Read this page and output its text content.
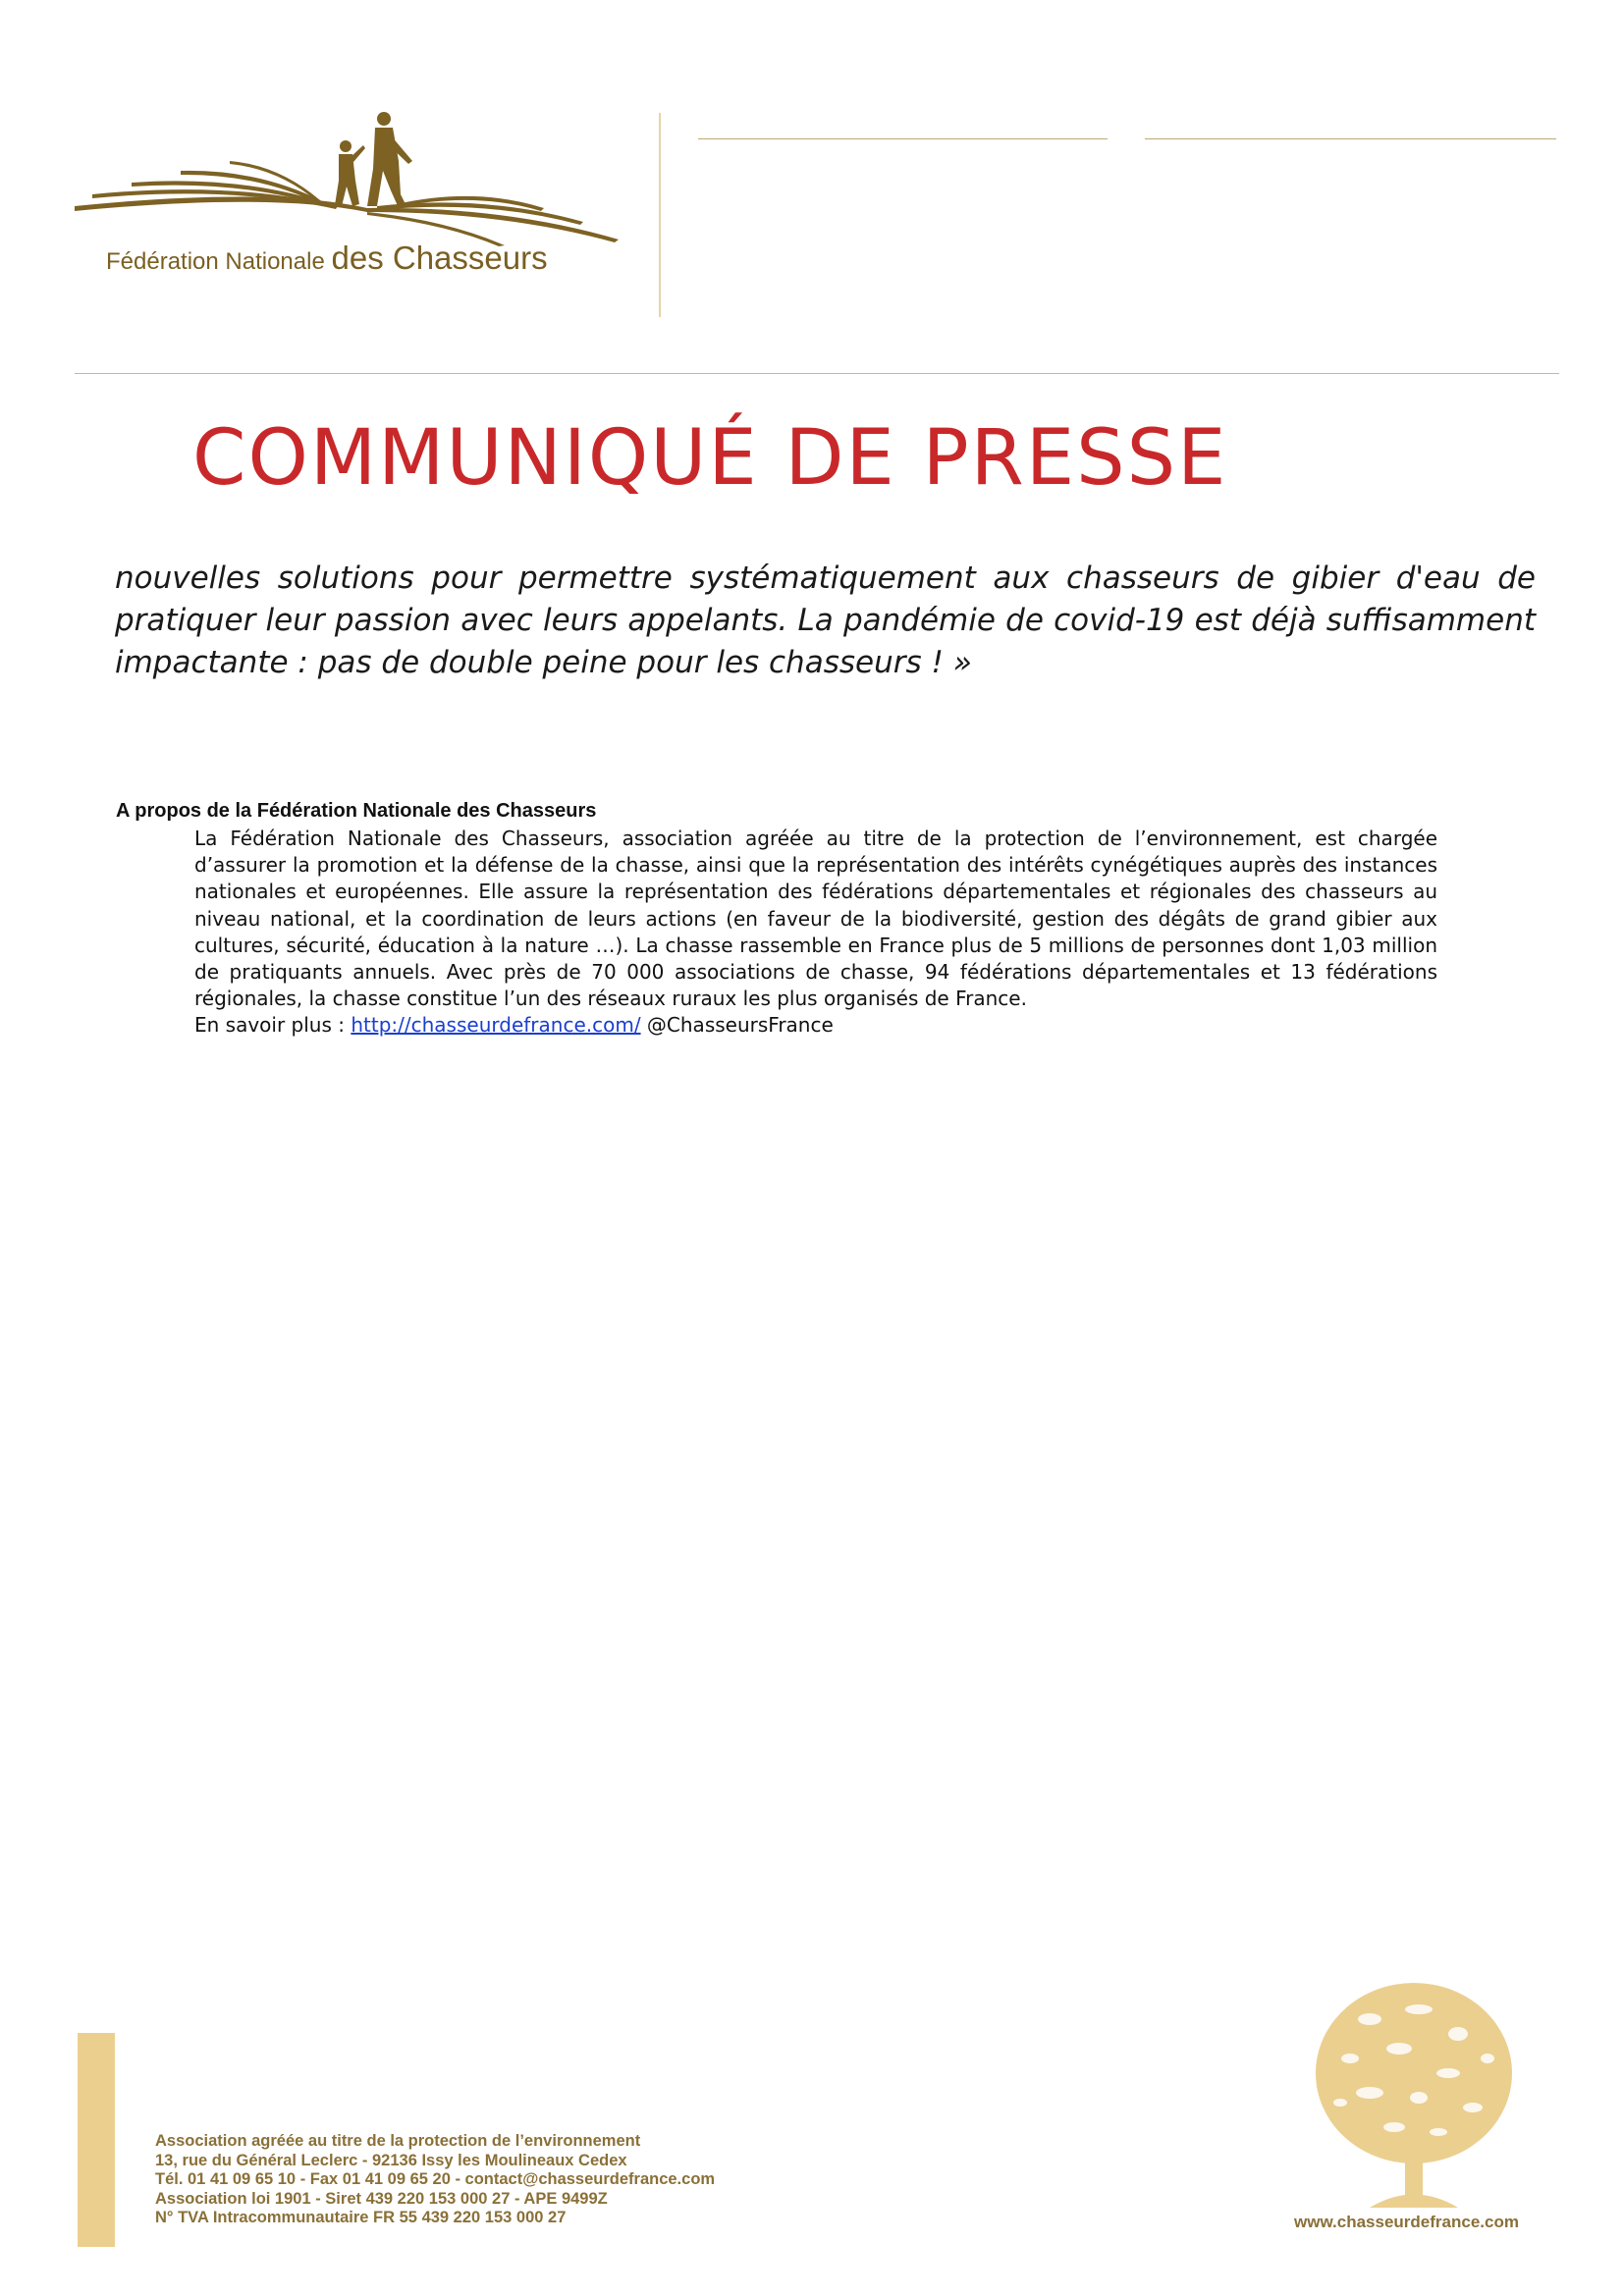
Fédération Nationale des Chasseurs
COMMUNIQUÉ DE PRESSE
nouvelles solutions pour permettre systématiquement aux chasseurs de gibier d'eau de pratiquer leur passion avec leurs appelants. La pandémie de covid-19 est déjà suffisamment impactante : pas de double peine pour les chasseurs ! »
A propos de la Fédération Nationale des Chasseurs
La Fédération Nationale des Chasseurs, association agréée au titre de la protection de l’environnement, est chargée d’assurer la promotion et la défense de la chasse, ainsi que la représentation des intérêts cynégétiques auprès des instances nationales et européennes. Elle assure la représentation des fédérations départementales et régionales des chasseurs au niveau national, et la coordination de leurs actions (en faveur de la biodiversité, gestion des dégâts de grand gibier aux cultures, sécurité, éducation à la nature …). La chasse rassemble en France plus de 5 millions de personnes dont 1,03 million de pratiquants annuels. Avec près de 70 000 associations de chasse, 94 fédérations départementales et 13 fédérations régionales, la chasse constitue l’un des réseaux ruraux les plus organisés de France.
En savoir plus : http://chasseurdefrance.com/ @ChasseursFrance
Association agréée au titre de la protection de l’environnement
13, rue du Général Leclerc - 92136 Issy les Moulineaux Cedex
Tél. 01 41 09 65 10 - Fax 01 41 09 65 20 - contact@chasseurdefrance.com
Association loi 1901 - Siret 439 220 153 000 27 - APE 9499Z
N° TVA Intracommunautaire FR 55 439 220 153 000 27	www.chasseurdefrance.com
